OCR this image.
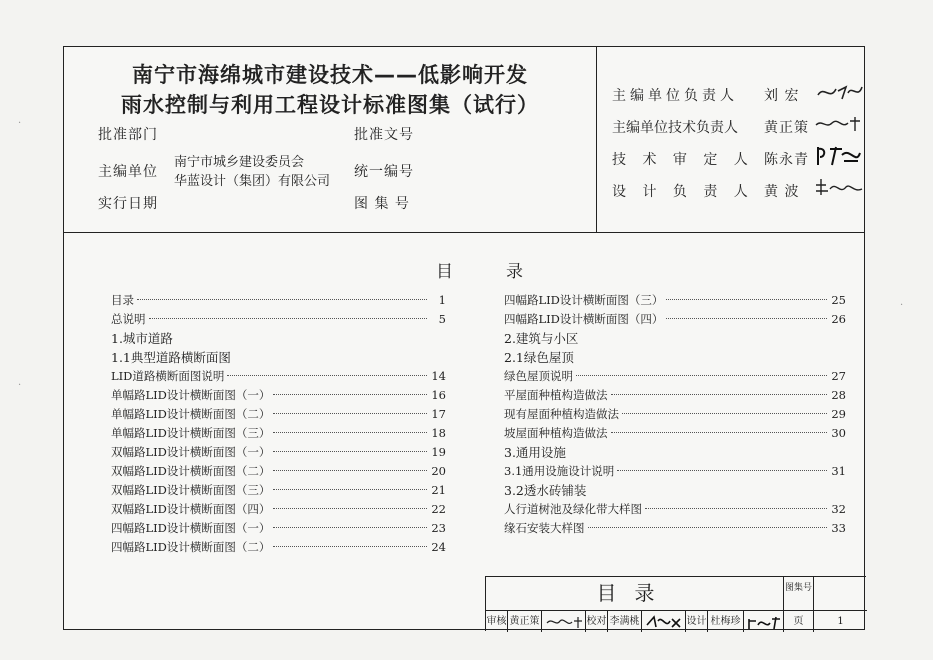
南宁市海绵城市建设技术——低影响开发
雨水控制与利用工程设计标准图集（试行）
批准部门	批准文号
主编单位
南宁市城乡建设委员会
华蓝设计（集团）有限公司
统一编号
实行日期	图 集 号
主编单位负责人	刘 宏
主编单位技术负责人	黄正策
技 术 审 定 人 陈永青
设 计 负 责 人 黄 波
目	录
目录	1
总说明	5
1.城市道路
1.1典型道路横断面图
LID道路横断面图说明	14
单幅路LID设计横断面图（一）	16
单幅路LID设计横断面图（二）	17
单幅路LID设计横断面图（三）	18
双幅路LID设计横断面图（一）	19
双幅路LID设计横断面图（二）	20
双幅路LID设计横断面图（三）	21
双幅路LID设计横断面图（四）	22
四幅路LID设计横断面图（一）	23
四幅路LID设计横断面图（二）	24
四幅路LID设计横断面图（三）	25
四幅路LID设计横断面图（四）	26
2.建筑与小区
2.1绿色屋顶
绿色屋顶说明	27
平屋面种植构造做法	28
现有屋面种植构造做法	29
坡屋面种植构造做法	30
3.通用设施
3.1通用设施设计说明	31
3.2透水砖铺装
人行道树池及绿化带大样图	32
缘石安装大样图	33
目录	图集号
审核 黄正策	校对 李满桃	设计 杜梅珍	页	1
·
·
·
